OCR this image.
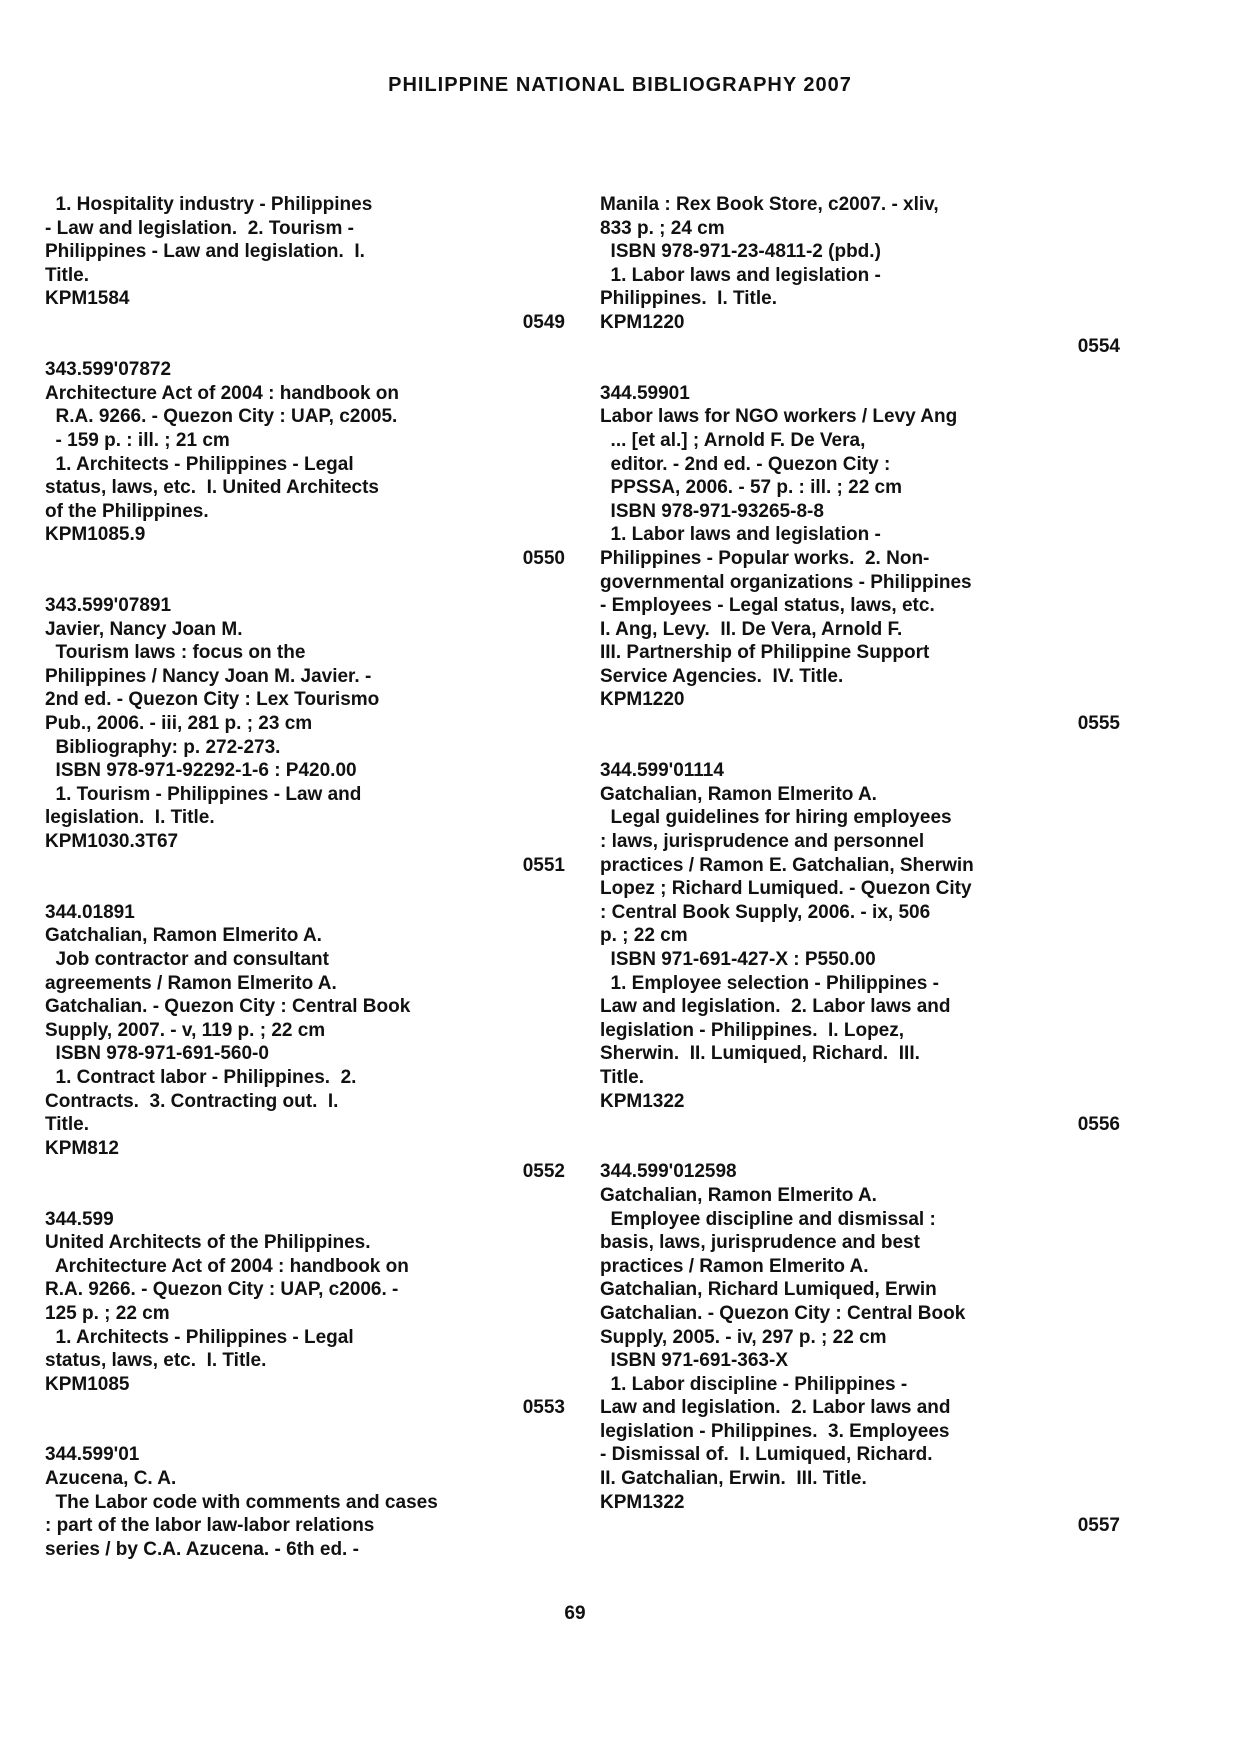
PHILIPPINE NATIONAL BIBLIOGRAPHY 2007
1. Hospitality industry - Philippines
- Law and legislation.  2. Tourism -
Philippines - Law and legislation.  I.
Title.
KPM1584
0549
343.599'07872
Architecture Act of 2004 : handbook on
R.A. 9266. - Quezon City : UAP, c2005.
- 159 p. : ill. ; 21 cm
1. Architects - Philippines - Legal
status, laws, etc.  I. United Architects
of the Philippines.
KPM1085.9
0550
343.599'07891
Javier, Nancy Joan M.
Tourism laws : focus on the
Philippines / Nancy Joan M. Javier. -
2nd ed. - Quezon City : Lex Tourismo
Pub., 2006. - iii, 281 p. ; 23 cm
Bibliography: p. 272-273.
ISBN 978-971-92292-1-6 : P420.00
1. Tourism - Philippines - Law and
legislation.  I. Title.
KPM1030.3T67
0551
344.01891
Gatchalian, Ramon Elmerito A.
Job contractor and consultant
agreements / Ramon Elmerito A.
Gatchalian. - Quezon City : Central Book
Supply, 2007. - v, 119 p. ; 22 cm
ISBN 978-971-691-560-0
1. Contract labor - Philippines.  2.
Contracts.  3. Contracting out.  I.
Title.
KPM812
0552
344.599
United Architects of the Philippines.
Architecture Act of 2004 : handbook on
R.A. 9266. - Quezon City : UAP, c2006. -
125 p. ; 22 cm
1. Architects - Philippines - Legal
status, laws, etc.  I. Title.
KPM1085
0553
344.599'01
Azucena, C. A.
The Labor code with comments and cases
: part of the labor law-labor relations
series / by C.A. Azucena. - 6th ed. -
Manila : Rex Book Store, c2007. - xliv,
833 p. ; 24 cm
ISBN 978-971-23-4811-2 (pbd.)
1. Labor laws and legislation -
Philippines.  I. Title.
KPM1220
0554
344.59901
Labor laws for NGO workers / Levy Ang
... [et al.] ; Arnold F. De Vera,
editor. - 2nd ed. - Quezon City :
PPSSA, 2006. - 57 p. : ill. ; 22 cm
ISBN 978-971-93265-8-8
1. Labor laws and legislation -
Philippines - Popular works.  2. Non-
governmental organizations - Philippines
- Employees - Legal status, laws, etc.
I. Ang, Levy.  II. De Vera, Arnold F.
III. Partnership of Philippine Support
Service Agencies.  IV. Title.
KPM1220
0555
344.599'01114
Gatchalian, Ramon Elmerito A.
Legal guidelines for hiring employees
: laws, jurisprudence and personnel
practices / Ramon E. Gatchalian, Sherwin
Lopez ; Richard Lumiqued. - Quezon City
: Central Book Supply, 2006. - ix, 506
p. ; 22 cm
ISBN 971-691-427-X : P550.00
1. Employee selection - Philippines -
Law and legislation.  2. Labor laws and
legislation - Philippines.  I. Lopez,
Sherwin.  II. Lumiqued, Richard.  III.
Title.
KPM1322
0556
344.599'012598
Gatchalian, Ramon Elmerito A.
Employee discipline and dismissal :
basis, laws, jurisprudence and best
practices / Ramon Elmerito A.
Gatchalian, Richard Lumiqued, Erwin
Gatchalian. - Quezon City : Central Book
Supply, 2005. - iv, 297 p. ; 22 cm
ISBN 971-691-363-X
1. Labor discipline - Philippines -
Law and legislation.  2. Labor laws and
legislation - Philippines.  3. Employees
- Dismissal of.  I. Lumiqued, Richard.
II. Gatchalian, Erwin.  III. Title.
KPM1322
0557
69
